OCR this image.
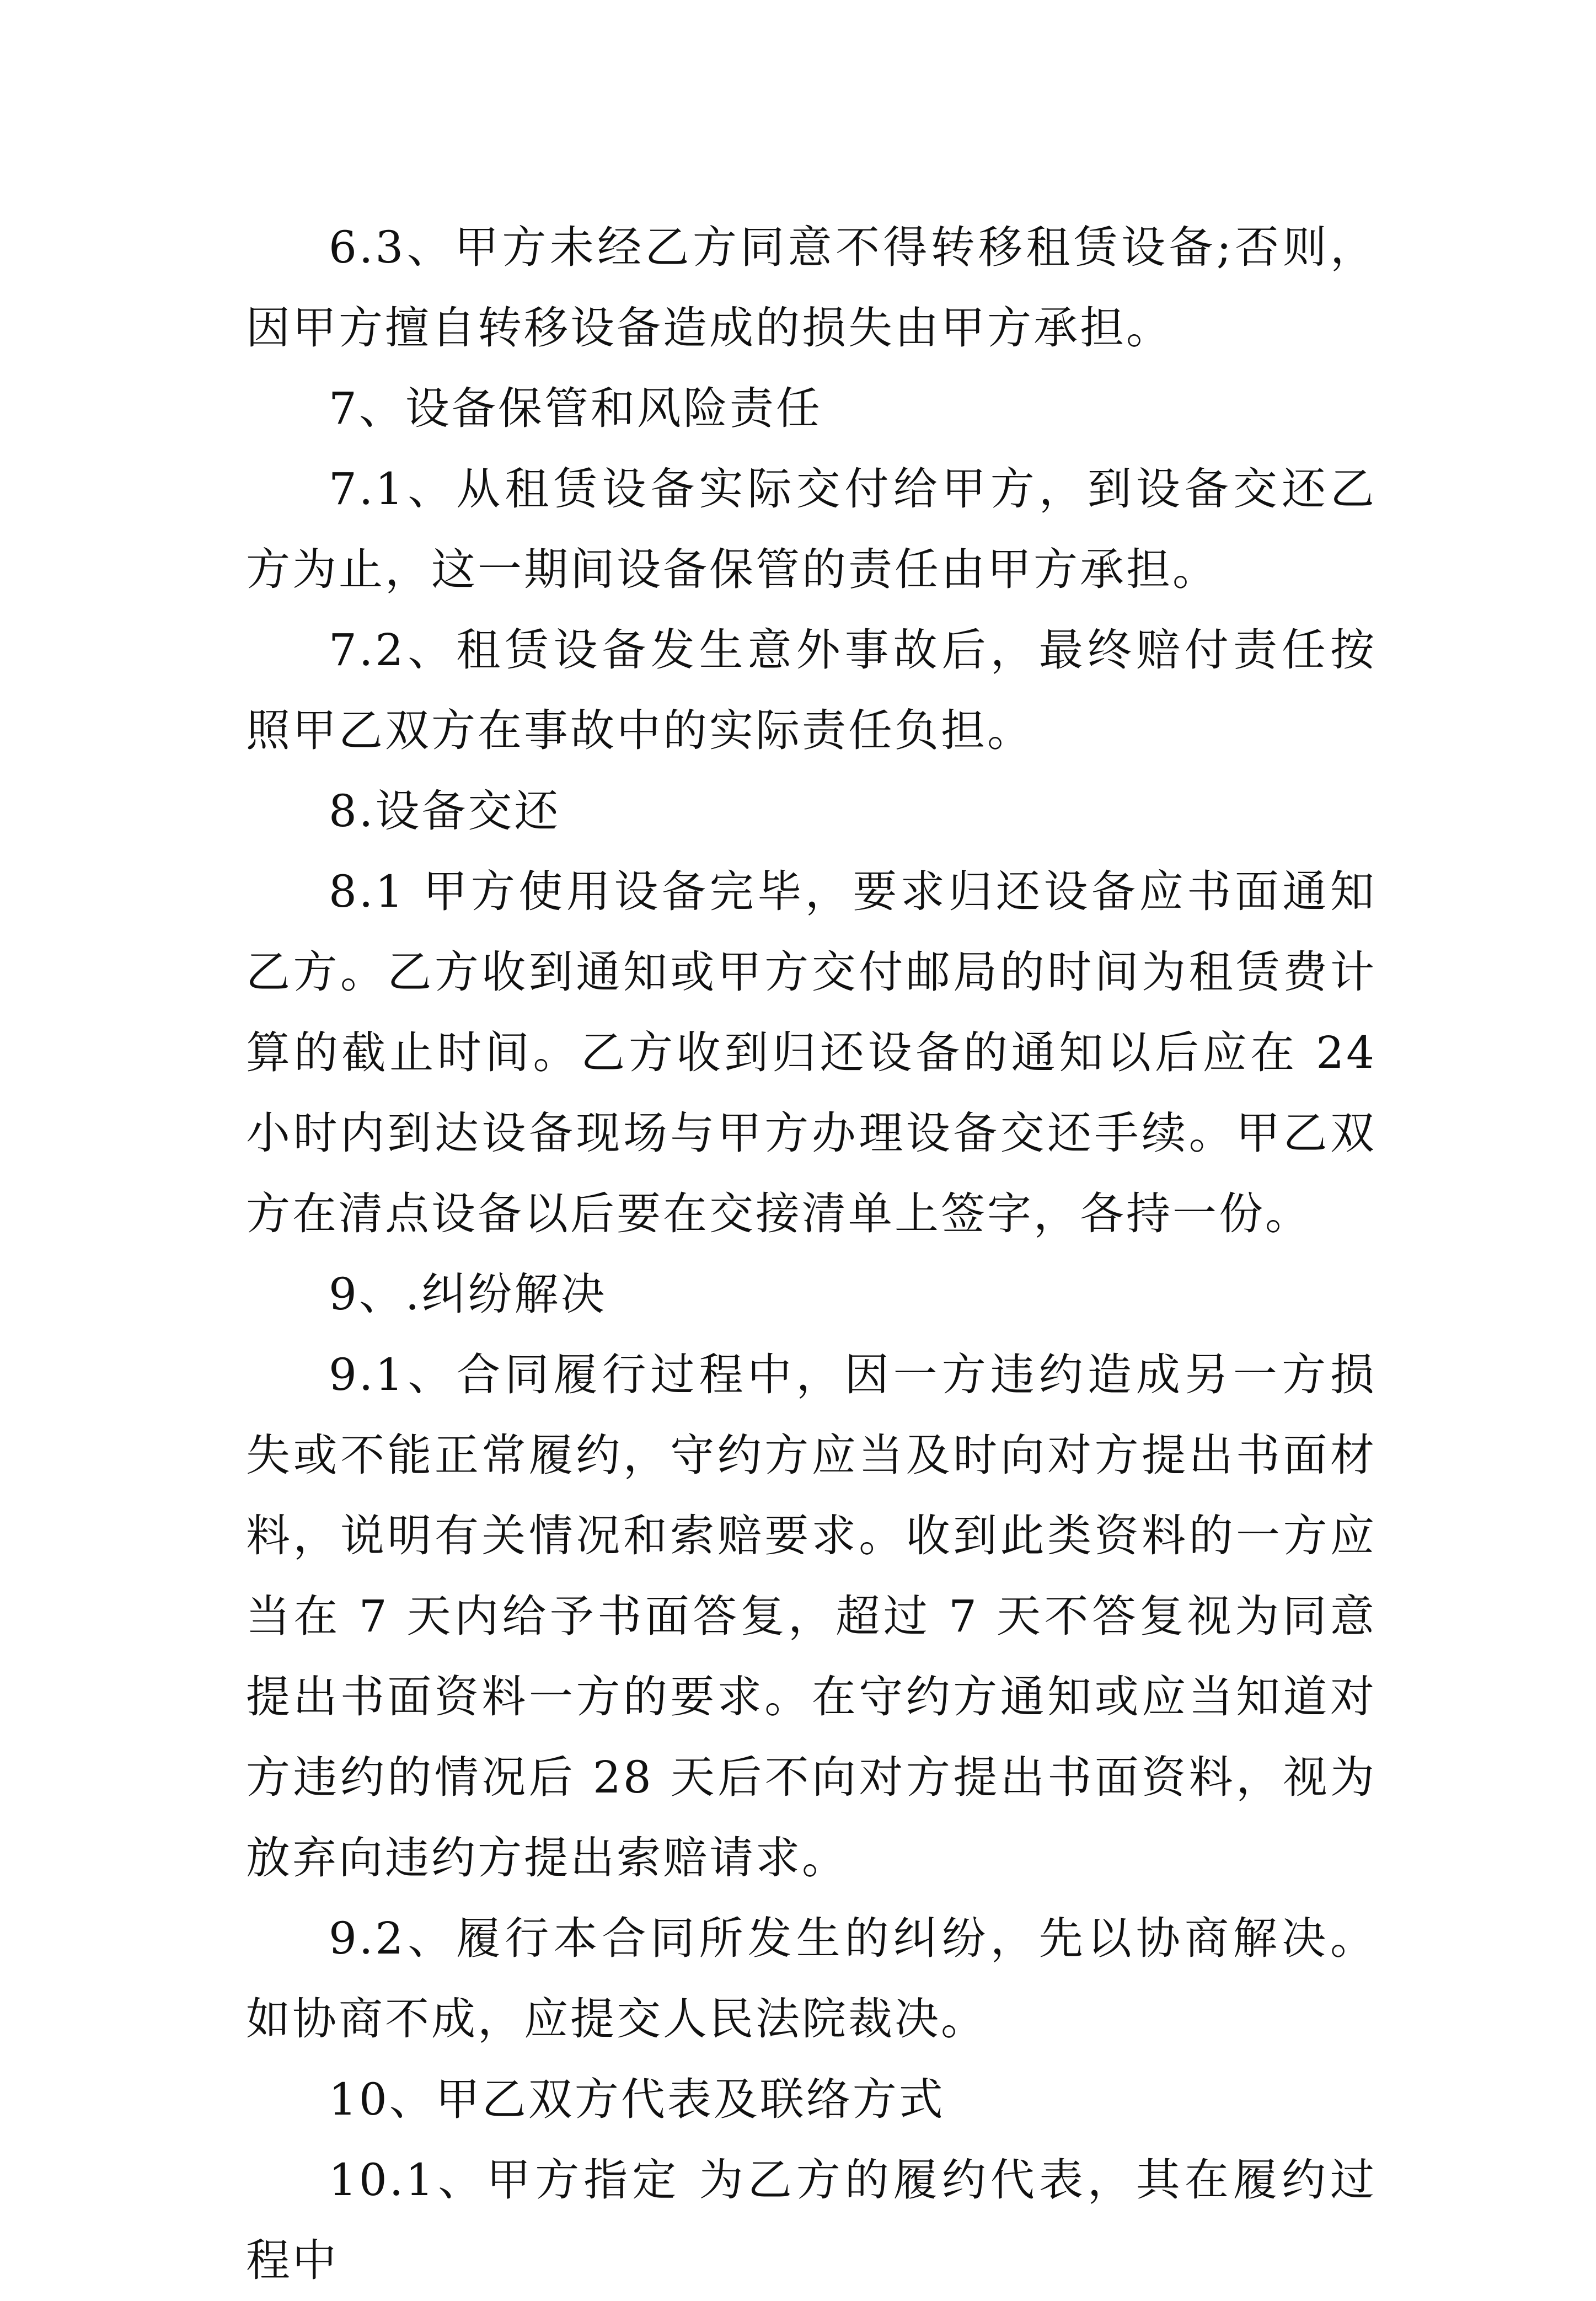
6.3、甲方未经乙方同意不得转移租赁设备;否则，因甲方擅自转移设备造成的损失由甲方承担。

7、设备保管和风险责任

7.1、从租赁设备实际交付给甲方，到设备交还乙方为止，这一期间设备保管的责任由甲方承担。

7.2、租赁设备发生意外事故后，最终赔付责任按照甲乙双方在事故中的实际责任负担。

8.设备交还

8.1 甲方使用设备完毕，要求归还设备应书面通知乙方。乙方收到通知或甲方交付邮局的时间为租赁费计算的截止时间。乙方收到归还设备的通知以后应在 24 小时内到达设备现场与甲方办理设备交还手续。甲乙双方在清点设备以后要在交接清单上签字，各持一份。

9、.纠纷解决

9.1、合同履行过程中，因一方违约造成另一方损失或不能正常履约，守约方应当及时向对方提出书面材料，说明有关情况和索赔要求。收到此类资料的一方应当在 7 天内给予书面答复，超过 7 天不答复视为同意提出书面资料一方的要求。在守约方通知或应当知道对方违约的情况后 28 天后不向对方提出书面资料，视为放弃向违约方提出索赔请求。

9.2、履行本合同所发生的纠纷，先以协商解决。如协商不成，应提交人民法院裁决。

10、甲乙双方代表及联络方式

10.1、甲方指定 为乙方的履约代表，其在履约过程中
